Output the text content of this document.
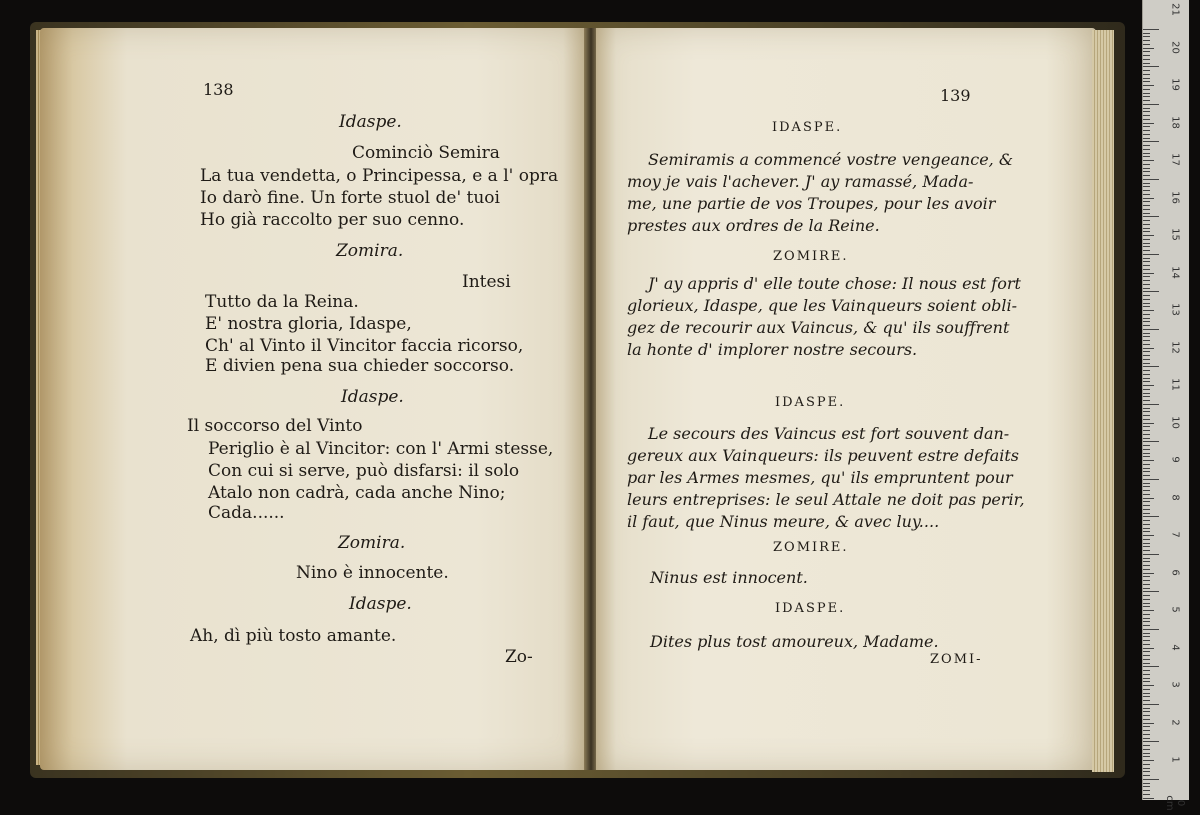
138	139
Idaspe.
Cominciò Semira
La tua vendetta, o Principessa, e a l' opra
Io darò fine. Un forte stuol de' tuoi
Ho già raccolto per suo cenno.
Zomira.
Intesi
Tutto da la Reina.
E' nostra gloria, Idaspe,
Ch' al Vinto il Vincitor faccia ricorso,
E divien pena sua chieder soccorso.
Idaspe.
Il soccorso del Vinto
Periglio è al Vincitor: con l' Armi stesse,
Con cui si serve, può disfarsi: il solo
Atalo non cadrà, cada anche Nino;
Cada......
Zomira.
Nino è innocente.
Idaspe.
Ah, dì più tosto amante.
Zo-
IDASPE.
Semiramis a commencé vostre vengeance, &
moy je vais l'achever. J' ay ramassé, Mada-
me, une partie de vos Troupes, pour les avoir
prestes aux ordres de la Reine.
ZOMIRE.
J' ay appris d' elle toute chose: Il nous est fort
glorieux, Idaspe, que les Vainqueurs soient obli-
gez de recourir aux Vaincus, & qu' ils souffrent
la honte d' implorer nostre secours.
IDASPE.
Le secours des Vaincus est fort souvent dan-
gereux aux Vainqueurs: ils peuvent estre defaits
par les Armes mesmes, qu' ils empruntent pour
leurs entreprises: le seul Attale ne doit pas perir,
il faut, que Ninus meure, & avec luy....
ZOMIRE.
Ninus est innocent.
IDASPE.
Dites plus tost amoureux, Madame.
ZOMI-
21
20
19
18
17
16
15
14
13
12
11
10
9
8
7
6
5
4
3
2
1
0 cm
